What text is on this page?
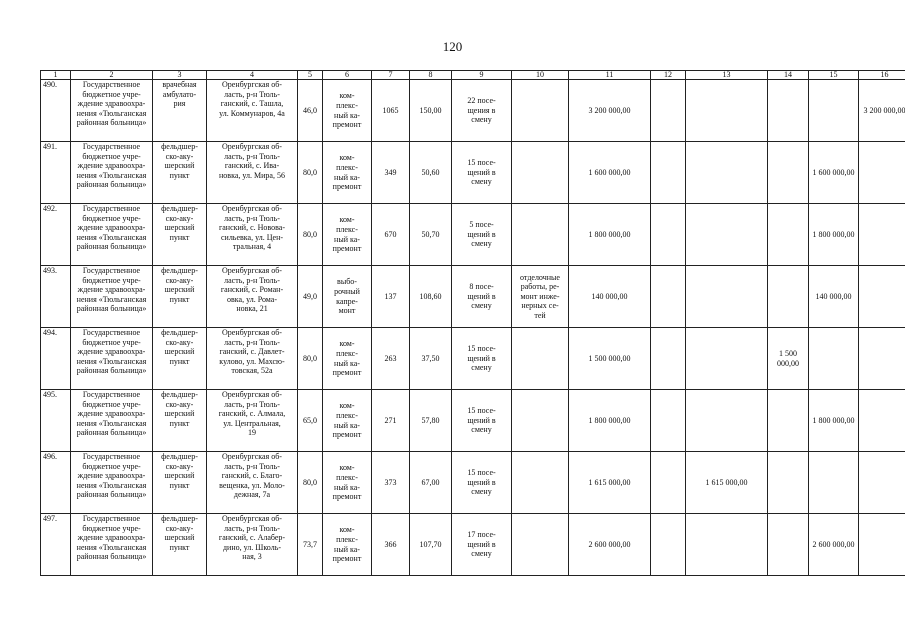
120
1	2	3	4	5	6	7	8	9	10	11	12	13	14	15	16
490.	Государственное
бюджетное учре-
ждение здравоохра-
нения «Тюльганская
районная больница»	врачебная
амбулато-
рия	Оренбургская об-
ласть, р-н Тюль-
ганский, с. Ташла,
ул. Коммунаров, 4а	46,0	ком-
плекс-
ный ка-
премонт	1065	150,00	22 посе-
щения в
смену		3 200 000,00					3 200 000,00
491.	Государственное
бюджетное учре-
ждение здравоохра-
нения «Тюльганская
районная больница»	фельдшер-
ско-аку-
шерский
пункт	Оренбургская об-
ласть, р-н Тюль-
ганский, с. Ива-
новка, ул. Мира, 56	80,0	ком-
плекс-
ный ка-
премонт	349	50,60	15 посе-
щений в
смену		1 600 000,00				1 600 000,00	
492.	Государственное
бюджетное учре-
ждение здравоохра-
нения «Тюльганская
районная больница»	фельдшер-
ско-аку-
шерский
пункт	Оренбургская об-
ласть, р-н Тюль-
ганский, с. Новова-
сильевка, ул. Цен-
тральная, 4	80,0	ком-
плекс-
ный ка-
премонт	670	50,70	5 посе-
щений в
смену		1 800 000,00				1 800 000,00	
493.	Государственное
бюджетное учре-
ждение здравоохра-
нения «Тюльганская
районная больница»	фельдшер-
ско-аку-
шерский
пункт	Оренбургская об-
ласть, р-н Тюль-
ганский, с. Роман-
овка, ул. Рома-
новка, 21	49,0	выбо-
рочный
капре-
монт	137	108,60	8 посе-
щений в
смену	отделочные
работы, ре-
монт инже-
нерных се-
тей	140 000,00				140 000,00	
494.	Государственное
бюджетное учре-
ждение здравоохра-
нения «Тюльганская
районная больница»	фельдшер-
ско-аку-
шерский
пункт	Оренбургская об-
ласть, р-н Тюль-
ганский, с. Давлет-
кулово, ул. Махсю-
товская, 52а	80,0	ком-
плекс-
ный ка-
премонт	263	37,50	15 посе-
щений в
смену		1 500 000,00			1 500 000,00		
495.	Государственное
бюджетное учре-
ждение здравоохра-
нения «Тюльганская
районная больница»	фельдшер-
ско-аку-
шерский
пункт	Оренбургская об-
ласть, р-н Тюль-
ганский, с. Алмала,
ул. Центральная,
19	65,0	ком-
плекс-
ный ка-
премонт	271	57,80	15 посе-
щений в
смену		1 800 000,00				1 800 000,00	
496.	Государственное
бюджетное учре-
ждение здравоохра-
нения «Тюльганская
районная больница»	фельдшер-
ско-аку-
шерский
пункт	Оренбургская об-
ласть, р-н Тюль-
ганский, с. Благо-
вещенка, ул. Моло-
дежная, 7а	80,0	ком-
плекс-
ный ка-
премонт	373	67,00	15 посе-
щений в
смену		1 615 000,00		1 615 000,00			
497.	Государственное
бюджетное учре-
ждение здравоохра-
нения «Тюльганская
районная больница»	фельдшер-
ско-аку-
шерский
пункт	Оренбургская об-
ласть, р-н Тюль-
ганский, с. Алабер-
дино, ул. Школь-
ная, 3	73,7	ком-
плекс-
ный ка-
премонт	366	107,70	17 посе-
щений в
смену		2 600 000,00				2 600 000,00	
